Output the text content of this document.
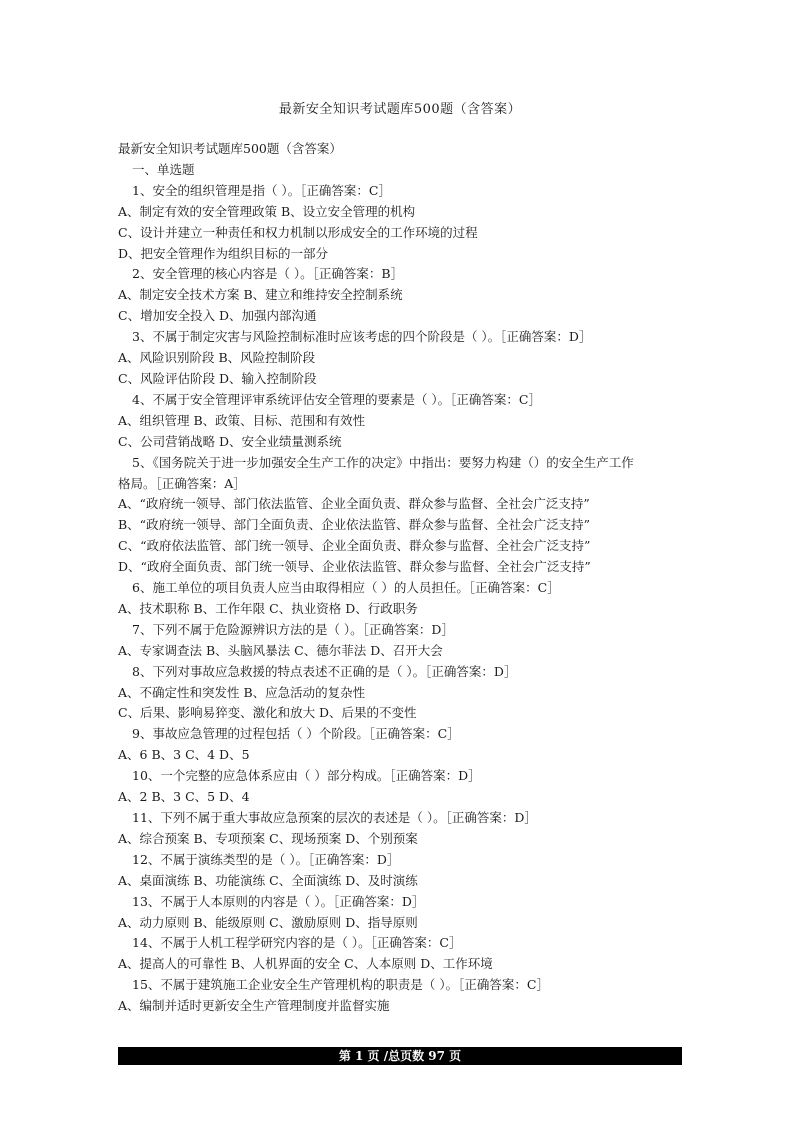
最新安全知识考试题库500题（含答案）
最新安全知识考试题库500题（含答案）
一、单选题
1、安全的组织管理是指（ ）。［正确答案：C］
A、制定有效的安全管理政策 B、设立安全管理的机构
C、设计并建立一种责任和权力机制以形成安全的工作环境的过程
D、把安全管理作为组织目标的一部分
2、安全管理的核心内容是（ ）。［正确答案：B］
A、制定安全技术方案 B、建立和维持安全控制系统
C、增加安全投入 D、加强内部沟通
3、不属于制定灾害与风险控制标准时应该考虑的四个阶段是（ ）。［正确答案：D］
A、风险识别阶段 B、风险控制阶段
C、风险评估阶段 D、输入控制阶段
4、不属于安全管理评审系统评估安全管理的要素是（ ）。［正确答案：C］
A、组织管理 B、政策、目标、范围和有效性
C、公司营销战略 D、安全业绩量测系统
5、《国务院关于进一步加强安全生产工作的决定》中指出：要努力构建（）的安全生产工作
格局。［正确答案：A］
A、“政府统一领导、部门依法监管、企业全面负责、群众参与监督、全社会广泛支持”
B、“政府统一领导、部门全面负责、企业依法监管、群众参与监督、全社会广泛支持”
C、“政府依法监管、部门统一领导、企业全面负责、群众参与监督、全社会广泛支持”
D、“政府全面负责、部门统一领导、企业依法监管、群众参与监督、全社会广泛支持”
6、施工单位的项目负责人应当由取得相应（ ）的人员担任。［正确答案：C］
A、技术职称 B、工作年限 C、执业资格 D、行政职务
7、下列不属于危险源辨识方法的是（ ）。［正确答案：D］
A、专家调查法 B、头脑风暴法 C、德尔菲法 D、召开大会
8、下列对事故应急救援的特点表述不正确的是（ ）。［正确答案：D］
A、不确定性和突发性 B、应急活动的复杂性
C、后果、影响易猝变、激化和放大 D、后果的不变性
9、事故应急管理的过程包括（ ）个阶段。［正确答案：C］
A、6 B、3 C、4 D、5
10、一个完整的应急体系应由（ ）部分构成。［正确答案：D］
A、2 B、3 C、5 D、4
11、下列不属于重大事故应急预案的层次的表述是（ ）。［正确答案：D］
A、综合预案 B、专项预案 C、现场预案 D、个别预案
12、不属于演练类型的是（ ）。［正确答案：D］
A、桌面演练 B、功能演练 C、全面演练 D、及时演练
13、不属于人本原则的内容是（ ）。［正确答案：D］
A、动力原则 B、能级原则 C、激励原则 D、指导原则
14、不属于人机工程学研究内容的是（ ）。［正确答案：C］
A、提高人的可靠性 B、人机界面的安全 C、人本原则 D、工作环境
15、不属于建筑施工企业安全生产管理机构的职责是（ ）。［正确答案：C］
A、编制并适时更新安全生产管理制度并监督实施
第 1 页 /总页数 97 页
